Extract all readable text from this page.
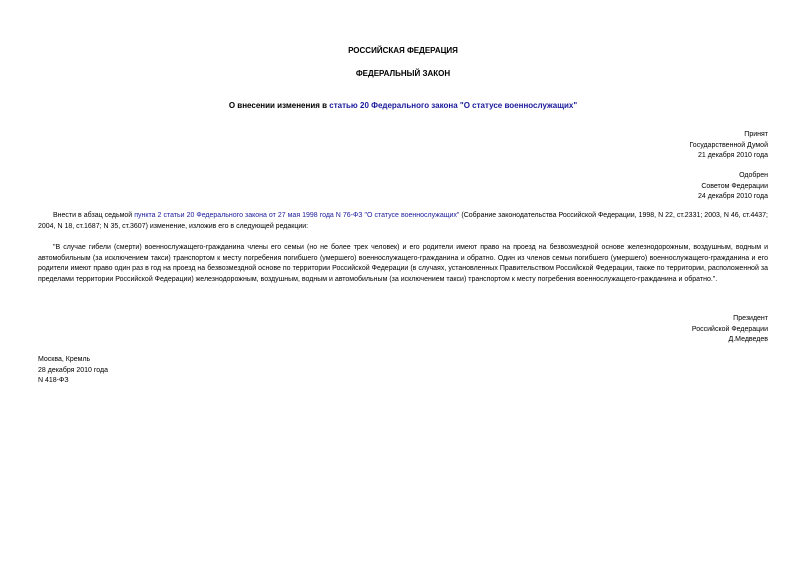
РОССИЙСКАЯ ФЕДЕРАЦИЯ
ФЕДЕРАЛЬНЫЙ ЗАКОН
О внесении изменения в статью 20 Федерального закона "О статусе военнослужащих"
Принят
Государственной Думой
21 декабря 2010 года
Одобрен
Советом Федерации
24 декабря 2010 года
Внести в абзац седьмой пункта 2 статьи 20 Федерального закона от 27 мая 1998 года N 76-ФЗ "О статусе военнослужащих" (Собрание законодательства Российской Федерации, 1998, N 22, ст.2331; 2003, N 46, ст.4437; 2004, N 18, ст.1687; N 35, ст.3607) изменение, изложив его в следующей редакции:
"В случае гибели (смерти) военнослужащего-гражданина члены его семьи (но не более трех человек) и его родители имеют право на проезд на безвозмездной основе железнодорожным, воздушным, водным и автомобильным (за исключением такси) транспортом к месту погребения погибшего (умершего) военнослужащего-гражданина и обратно. Один из членов семьи погибшего (умершего) военнослужащего-гражданина и его родители имеют право один раз в год на проезд на безвозмездной основе по территории Российской Федерации (в случаях, установленных Правительством Российской Федерации, также по территории, расположенной за пределами территории Российской Федерации) железнодорожным, воздушным, водным и автомобильным (за исключением такси) транспортом к месту погребения военнослужащего-гражданина и обратно.".
Президент
Российской Федерации
Д.Медведев
Москва, Кремль
28 декабря 2010 года
N 418-ФЗ
